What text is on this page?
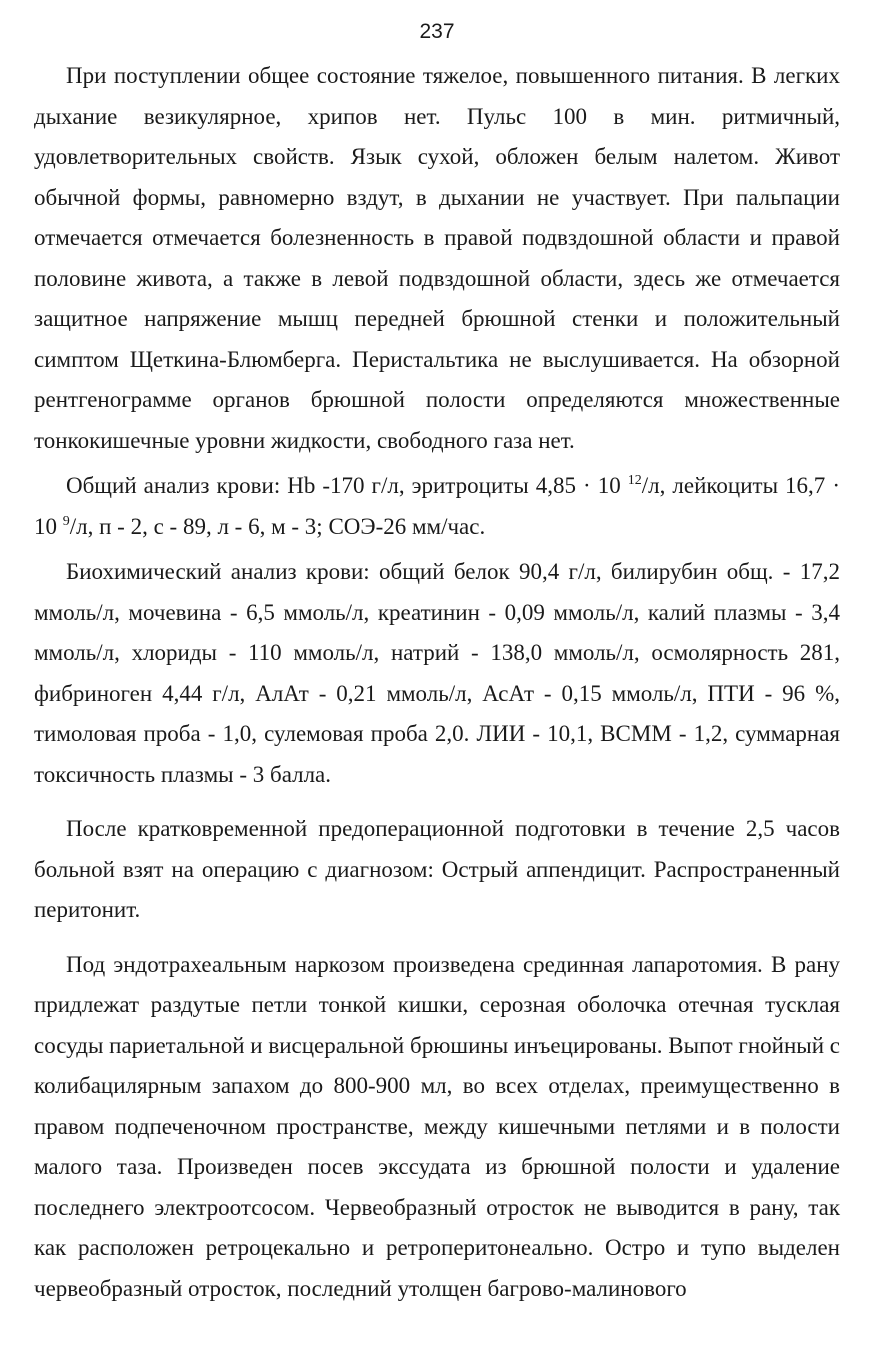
237

При поступлении общее состояние тяжелое, повышенного питания. В легких дыхание везикулярное, хрипов нет. Пульс 100 в мин. ритмичный, удовлетворительных свойств. Язык сухой, обложен белым налетом. Живот обычной формы, равномерно вздут, в дыхании не участвует. При пальпации отмечается отмечается болезненность в правой подвздошной области и правой половине живота, а также в левой подвздошной области, здесь же отмечается защитное напряжение мышц передней брюшной стенки и положительный симптом Щеткина-Блюмберга. Перистальтика не выслушивается. На обзорной рентгенограмме органов брюшной полости определяются множественные тонкокишечные уровни жидкости, свободного газа нет.

Общий анализ крови: Hb -170 г/л, эритроциты 4,85 · 10 $^{12}$/л, лейкоциты 16,7 · 10 $^9$/л, п - 2, с - 89, л - 6, м - 3; СОЭ-26 мм/час.

Биохимический анализ крови: общий белок 90,4 г/л, билирубин общ. - 17,2 ммоль/л, мочевина - 6,5 ммоль/л, креатинин - 0,09 ммоль/л, калий плазмы - 3,4 ммоль/л, хлориды - 110 ммоль/л, натрий - 138,0 ммоль/л, осмолярность 281, фибриноген 4,44 г/л, АлАт - 0,21 ммоль/л, АсАт - 0,15 ммоль/л, ПТИ - 96 %, тимоловая проба - 1,0, сулемовая проба 2,0. ЛИИ - 10,1, ВСММ - 1,2, суммарная токсичность плазмы - 3 балла.

После кратковременной предоперационной подготовки в течение 2,5 часов больной взят на операцию с диагнозом: Острый аппендицит. Распространенный перитонит.

Под эндотрахеальным наркозом произведена срединная лапаротомия. В рану придлежат раздутые петли тонкой кишки, серозная оболочка отечная тусклая сосуды париетальной и висцеральной брюшины инъецированы. Выпот гнойный с колибацилярным запахом до 800-900 мл, во всех отделах, преимущественно в правом подпеченочном пространстве, между кишечными петлями и в полости малого таза. Произведен посев экссудата из брюшной полости и удаление последнего электроотсосом. Червеобразный отросток не выводится в рану, так как расположен ретроцекально и ретроперитонеально. Остро и тупо выделен червеобразный отросток, последний утолщен багрово-малинового
